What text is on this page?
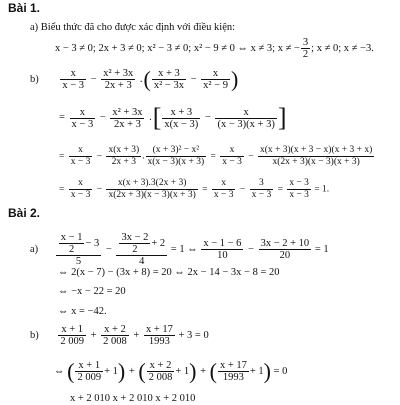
Bài 1.
a) Biểu thức đã cho được xác định với điều kiện:
x − 3 ≠ 0; 2x + 3 ≠ 0; x² − 3 ≠ 0; x² − 9 ≠ 0 ⇔ x ≠ 3; x ≠ − $\frac{3}{2}$ ; x ≠ 0; x ≠ −3.
$b) \frac{x}{x - 3} - \frac{\text{x² + 3x}}{2x + 3}$ .( $\frac{x + 3}{\text{x² − 3x}} - \frac{x}{\text{x² − 9}}$ )
= $\frac{x}{x - 3} - \frac{\text{x² + 3x}}{2x + 3}$ .[ $\frac{x + 3}{x(x - 3)} - \frac{x}{(x - 3)(x + 3)}$ ]
= $\frac{x}{x - 3} - \frac{x(x + 3)}{2x + 3}$ . $\frac{\text{(x + 3)² − x²}}{x(x - 3)(x + 3)} = \frac{x}{x - 3} - \frac{x(x + 3)(x + 3 - x)(x + 3 + x)}{x(2x + 3)(x - 3)(x + 3)}$
= $\frac{x}{x - 3} - \frac{x(x + 3).3(2x + 3)}{x(2x + 3)(x - 3)(x + 3)} = \frac{x}{x - 3} - \frac{3}{x - 3} = \frac{x - 3}{x - 3} = 1$.
Bài 2.
$a) \frac{\frac{x - 1}{2} - 3}{5} - \frac{\frac{3x - 2}{2} + 2}{4} = 1$ ⇔ $\frac{x - 1 - 6}{10} - \frac{3x - 2 + 10}{20} = 1$
⇔ 2(x − 7) − (3x + 8) = 20 ⇔ 2x − 14 − 3x − 8 = 20
⇔ −x − 22 = 20
⇔ x = −42.
$b) \frac{x + 1}{2 009} + \frac{x + 2}{2 008} + \frac{x + 17}{1993} + 3 = 0$
⇔ ( $\frac{x + 1}{2 009} + 1$) + ( $\frac{x + 2}{2 008} + 1$) + ( $\frac{x + 17}{1993} + 1) = 0$
x + 2 010 x + 2 010 x + 2 010
